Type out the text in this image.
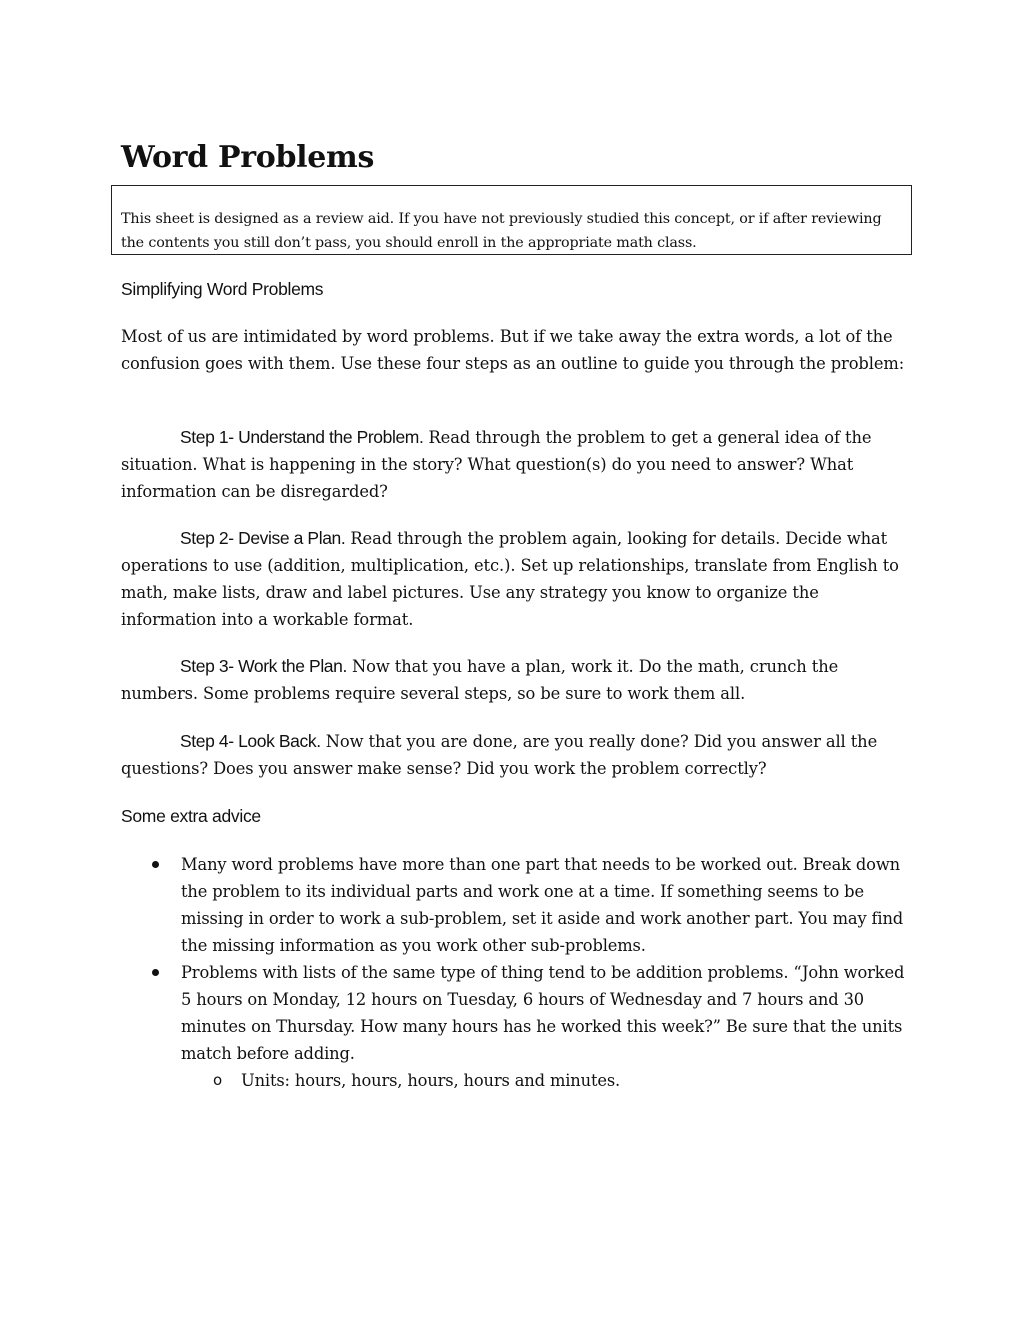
Word Problems

This sheet is designed as a review aid. If you have not previously studied this concept, or if after reviewing the contents you still don’t pass, you should enroll in the appropriate math class.

Simplifying Word Problems

Most of us are intimidated by word problems. But if we take away the extra words, a lot of the confusion goes with them. Use these four steps as an outline to guide you through the problem:

Step 1- Understand the Problem. Read through the problem to get a general idea of the situation. What is happening in the story? What question(s) do you need to answer? What information can be disregarded?

Step 2- Devise a Plan. Read through the problem again, looking for details. Decide what operations to use (addition, multiplication, etc.). Set up relationships, translate from English to math, make lists, draw and label pictures. Use any strategy you know to organize the information into a workable format.

Step 3- Work the Plan. Now that you have a plan, work it. Do the math, crunch the numbers. Some problems require several steps, so be sure to work them all.

Step 4- Look Back. Now that you are done, are you really done? Did you answer all the questions? Does you answer make sense? Did you work the problem correctly?

Some extra advice
Many word problems have more than one part that needs to be worked out. Break down the problem to its individual parts and work one at a time. If something seems to be missing in order to work a sub-problem, set it aside and work another part. You may find the missing information as you work other sub-problems.
Problems with lists of the same type of thing tend to be addition problems. “John worked 5 hours on Monday, 12 hours on Tuesday, 6 hours of Wednesday and 7 hours and 30 minutes on Thursday. How many hours has he worked this week?” Be sure that the units match before adding.
o Units: hours, hours, hours, hours and minutes.
